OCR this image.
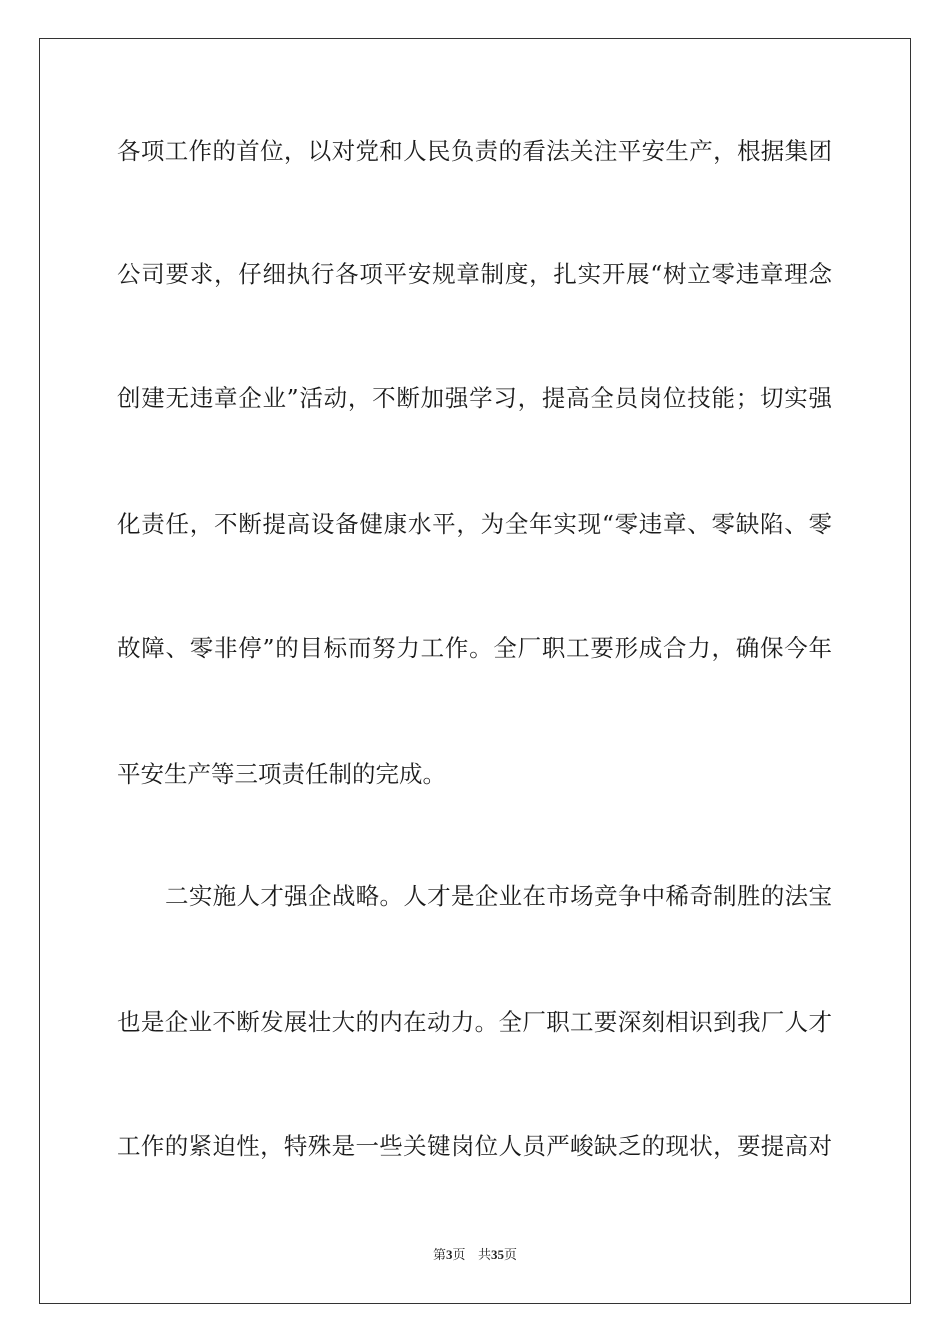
各项工作的首位，以对党和人民负责的看法关注平安生产，根据集团
公司要求，仔细执行各项平安规章制度，扎实开展“树立零违章理念
创建无违章企业”活动，不断加强学习，提高全员岗位技能；切实强
化责任，不断提高设备健康水平，为全年实现“零违章、零缺陷、零
故障、零非停”的目标而努力工作。全厂职工要形成合力，确保今年
平安生产等三项责任制的完成。
二实施人才强企战略。人才是企业在市场竞争中稀奇制胜的法宝
也是企业不断发展壮大的内在动力。全厂职工要深刻相识到我厂人才
工作的紧迫性，特殊是一些关键岗位人员严峻缺乏的现状，要提高对
第3页 共35页
